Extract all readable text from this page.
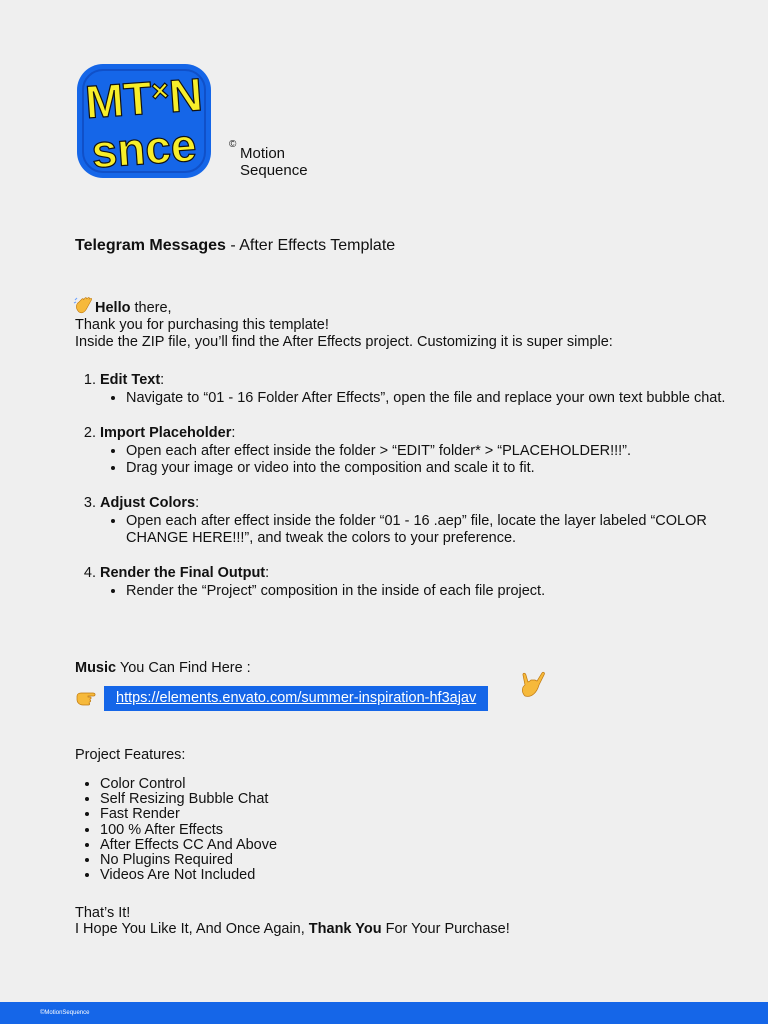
MT×N
snce	©
Motion
Sequence
Telegram Messages - After Effects Template
Hello there,
Thank you for purchasing this template!
Inside the ZIP file, you’ll find the After Effects project. Customizing it is super simple:
1. Edit Text:
• Navigate to “01 - 16 Folder After Effects”, open the file and replace your own text bubble chat.
2. Import Placeholder:
• Open each after effect inside the folder > “EDIT” folder* > “PLACEHOLDER!!!”.
• Drag your image or video into the composition and scale it to fit.
3. Adjust Colors:
• Open each after effect inside the folder “01 - 16 .aep” file, locate the layer labeled “COLOR CHANGE HERE!!!”, and tweak the colors to your preference.
4. Render the Final Output:
• Render the “Project” composition in the inside of each file project.
Music You Can Find Here :
https://elements.envato.com/summer-inspiration-hf3ajav
Project Features:
• Color Control
• Self Resizing Bubble Chat
• Fast Render
• 100 % After Effects
• After Effects CC And Above
• No Plugins Required
• Videos Are Not Included
That’s It!
I Hope You Like It, And Once Again, Thank You For Your Purchase!
©MotionSequence
